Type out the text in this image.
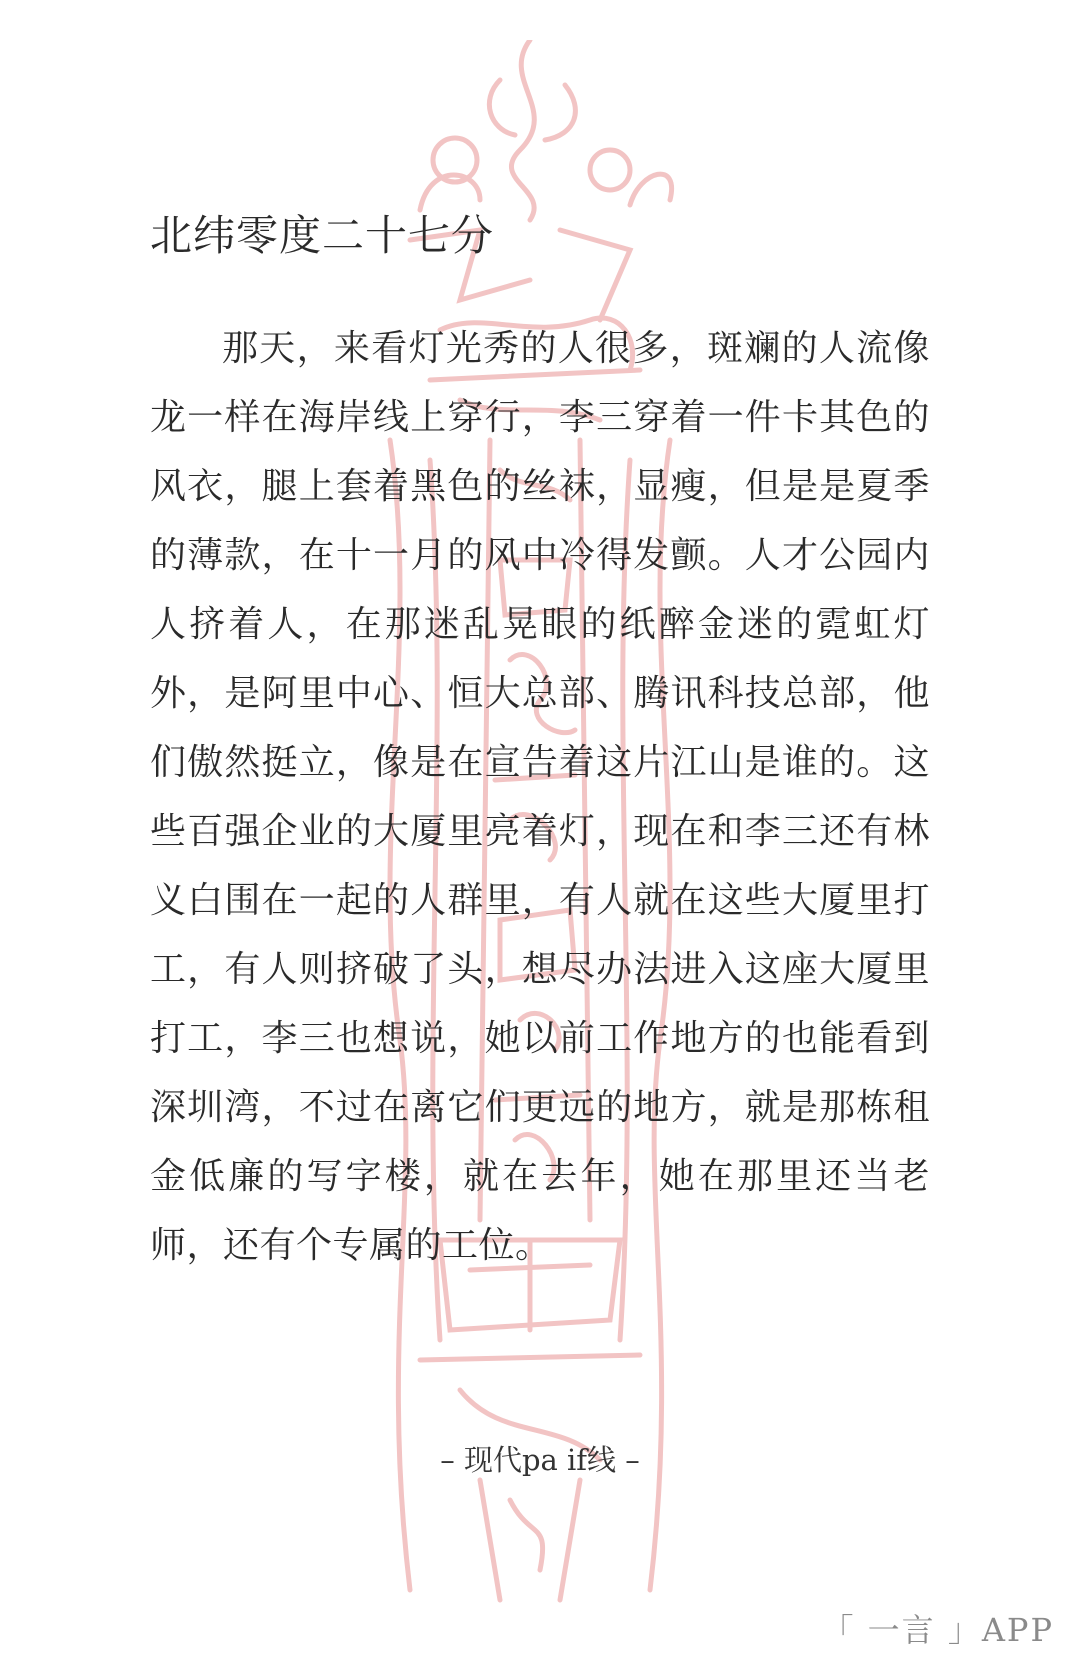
北纬零度二十七分

那天，来看灯光秀的人很多，斑斓的人流像龙一样在海岸线上穿行，李三穿着一件卡其色的风衣，腿上套着黑色的丝袜，显瘦，但是是夏季的薄款，在十一月的风中冷得发颤。人才公园内人挤着人，在那迷乱晃眼的纸醉金迷的霓虹灯外，是阿里中心、恒大总部、腾讯科技总部，他们傲然挺立，像是在宣告着这片江山是谁的。这些百强企业的大厦里亮着灯，现在和李三还有林义白围在一起的人群里，有人就在这些大厦里打工，有人则挤破了头，想尽办法进入这座大厦里打工，李三也想说，她以前工作地方的也能看到深圳湾，不过在离它们更远的地方，就是那栋租金低廉的写字楼，就在去年，她在那里还当老师，还有个专属的工位。

– 现代pa if线 –
「 一言 」APP
